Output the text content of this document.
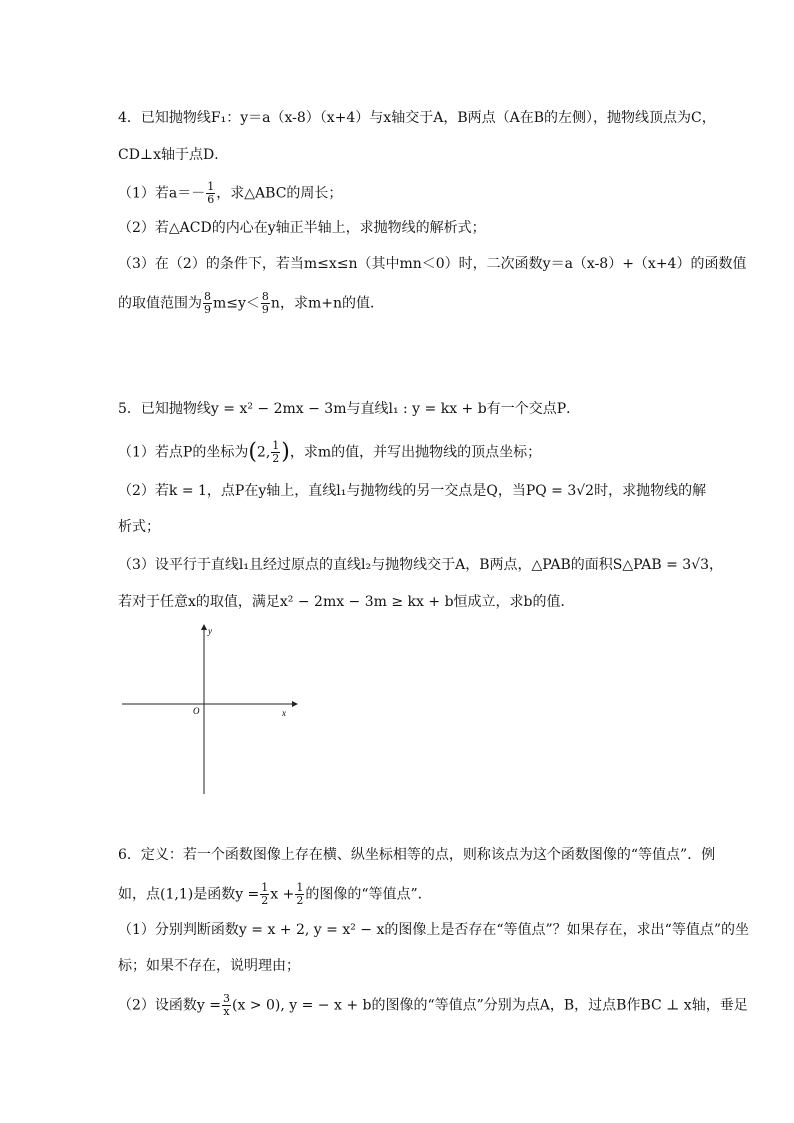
4．已知抛物线F₁：y＝a（x-8）（x+4）与x轴交于A，B两点（A在B的左侧），抛物线顶点为C，
CD⊥x轴于点D．
（1）若$a=- \frac{1}{6}$ ，求△ABC的周长；
（2）若△ACD的内心在y轴正半轴上，求抛物线的解析式；
（3）在（2）的条件下，若当m≤x≤n（其中mn＜0）时，二次函数y＝a（x-8）+（x+4）的函数值
的取值范围为 $\frac{8}{9} m\le y< \frac{8}{9}$ n，求m+n的值．
5．已知抛物线y = x² − 2mx − 3m与直线l₁ : y = kx + b有一个交点P．
（1）若点P的坐标为(2, $\frac{1}{2}$ )，求m的值，并写出抛物线的顶点坐标；
（2）若k = 1，点P在y轴上，直线l₁与抛物线的另一交点是Q，当PQ = 3√2时，求抛物线的解
析式；
（3）设平行于直线l₁且经过原点的直线l₂与抛物线交于A，B两点，△PAB的面积S△PAB = 3√3，
若对于任意x的取值，满足x² − 2mx − 3m ≥ kx + b恒成立，求b的值．
y
x
O
6．定义：若一个函数图像上存在横、纵坐标相等的点，则称该点为这个函数图像的“等值点”．例
如，点(1,1)是函数$y = \frac{1}{2}$ $x + \frac{1}{2}$ 的图像的“等值点”．
（1）分别判断函数y = x + 2, y = x² − x的图像上是否存在“等值点”？如果存在，求出“等值点”的坐
标；如果不存在，说明理由；
（2）设函数$y = \frac{3}{x} (x > 0)$, y = − x + b的图像的“等值点”分别为点A，B，过点B作BC ⊥ x轴，垂足
